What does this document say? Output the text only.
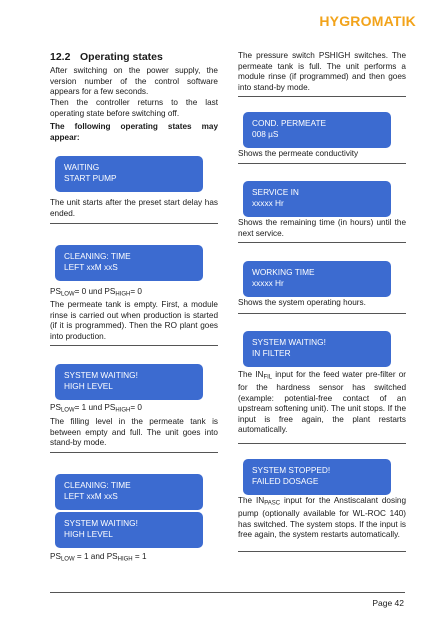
HYGROMATIK
12.2 Operating states

After switching on the power supply, the version number of the control software appears for a few seconds.

Then the controller returns to the last operating state before switching off.

The following operating states may appear:

WAITING
START PUMP

The unit starts after the preset start delay has ended.

CLEANING: TIME
LEFT xxM xxS

$PS_{LOW}= 0$ und $PS_{HIGH}= 0$

The permeate tank is empty. First, a module rinse is carried out when production is started (if it is programmed). Then the RO plant goes into production.

SYSTEM WAITING!
HIGH LEVEL

$PS_{LOW}= 1$ und $PS_{HIGH}= 0$

The filling level in the permeate tank is between empty and full. The unit goes into stand-by mode.

CLEANING: TIME
LEFT xxM xxS
SYSTEM WAITING!
HIGH LEVEL

$PS_{LOW} = 1$ and $PS_{HIGH} = 1$

The pressure switch PSHIGH switches. The permeate tank is full. The unit performs a module rinse (if programmed) and then goes into stand-by mode.

COND. PERMEATE
008 µS

Shows the permeate conductivity

SERVICE IN
xxxxx Hr

Shows the remaining time (in hours) until the next service.

WORKING TIME
xxxxx Hr

Shows the system operating hours.

SYSTEM WAITING!
IN FILTER

The $IN_{FIL}$ input for the feed water pre-filter or for the hardness sensor has switched (example: potential-free contact of an upstream softening unit). The unit stops. If the input is free again, the plant restarts automatically.

SYSTEM STOPPED!
FAILED DOSAGE

The $IN_{PASC}$ input for the Anstiscalant dosing pump (optionally available for WL-ROC 140) has switched. The system stops. If the input is free again, the system restarts automatically.

Page 42
